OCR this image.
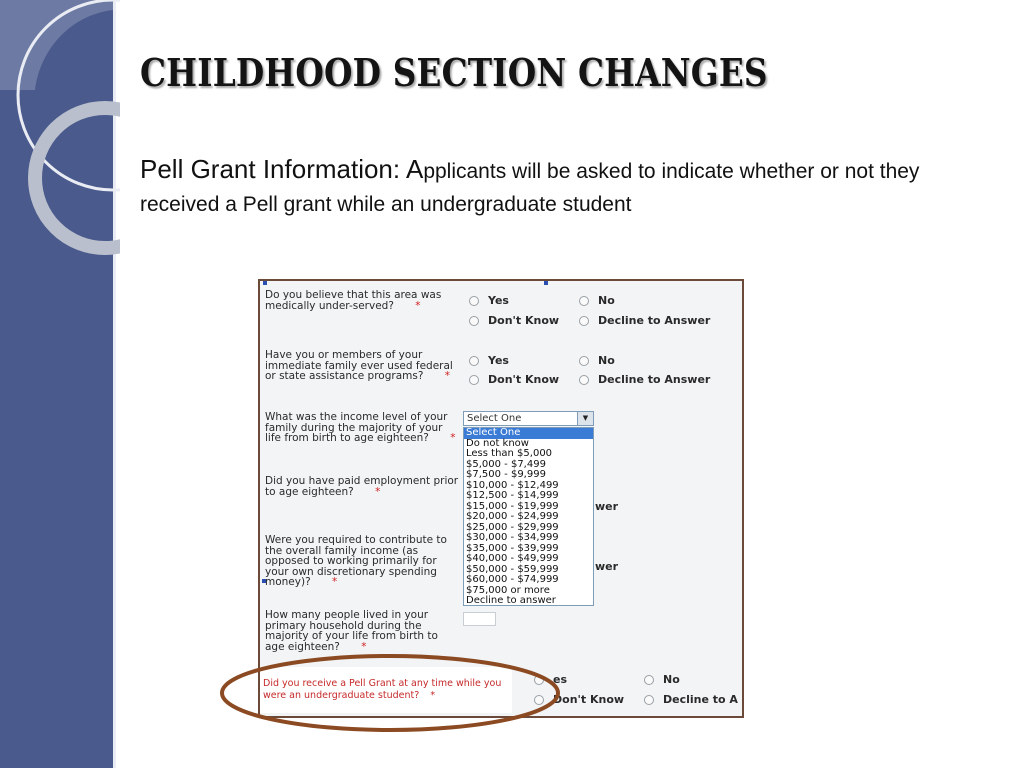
CHILDHOOD SECTION CHANGES
Pell Grant Information: Applicants will be asked to indicate whether or not they received a Pell grant while an undergraduate student
Do you believe that this area was medically under-served? *	Yes	No
Don't Know	Decline to Answer
Have you or members of your immediate family ever used federal or state assistance programs? *
Yes	No
Don't Know	Decline to Answer
What was the income level of your family during the majority of your life from birth to age eighteen? *
Select One	▼
Select One
Do not know
Less than $5,000
$5,000 - $7,499
$7,500 - $9,999
$10,000 - $12,499
$12,500 - $14,999
$15,000 - $19,999
$20,000 - $24,999
$25,000 - $29,999
$30,000 - $34,999
$35,000 - $39,999
$40,000 - $49,999
$50,000 - $59,999
$60,000 - $74,999
$75,000 or more
Decline to answer
Did you have paid employment prior to age eighteen? *
wer
Were you required to contribute to the overall family income (as opposed to working primarily for your own discretionary spending money)? *
wer
How many people lived in your primary household during the majority of your life from birth to age eighteen? *
Did you receive a Pell Grant at any time while you were an undergraduate student? *
es	No
Don't Know	Decline to A
